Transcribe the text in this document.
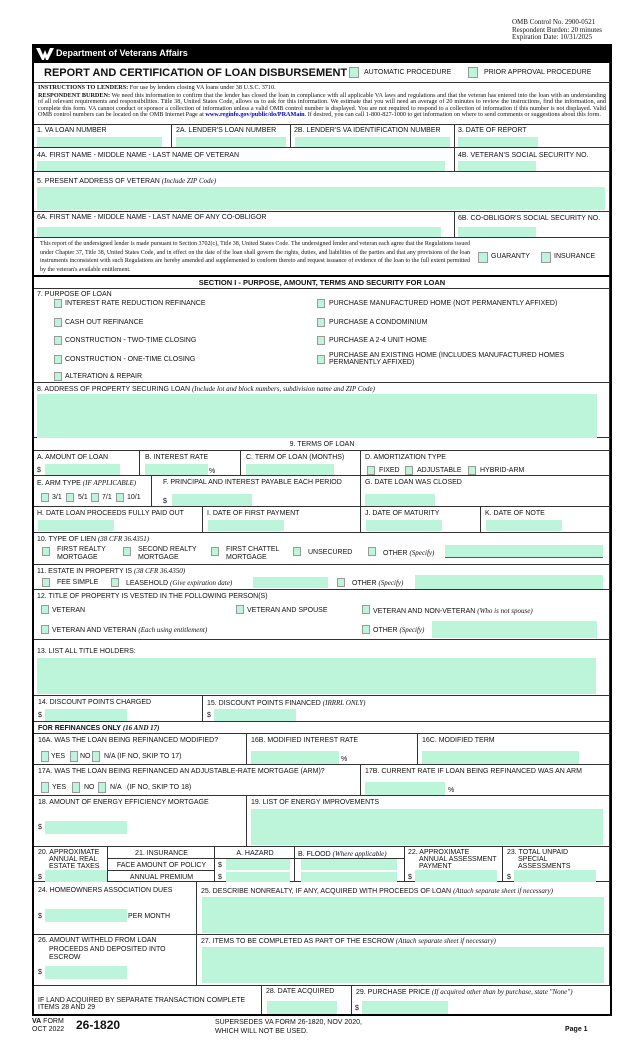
OMB Control No. 2900-0521
Respondent Burden: 20 minutes
Expiration Date: 10/31/2025
Department of Veterans Affairs
REPORT AND CERTIFICATION OF LOAN DISBURSEMENT AUTOMATIC PROCEDURE	PRIOR APPROVAL PROCEDURE
INSTRUCTIONS TO LENDERS: For use by lenders closing VA loans under 38 U.S.C. 3710.
RESPONDENT BURDEN: We need this information to confirm that the lender has closed the loan in compliance with all applicable VA laws and regulations and that the veteran has entered into the loan with an understanding of all relevant requirements and responsibilities. Title 38, United States Code, allows us to ask for this information. We estimate that you will need an average of 20 minutes to review the instructions, find the information, and complete this form. VA cannot conduct or sponsor a collection of information unless a valid OMB control number is displayed. You are not required to respond to a collection of information if this number is not displayed. Valid OMB control numbers can be located on the OMB Internet Page at www.reginfo.gov/public/do/PRAMain. If desired, you can call 1-800-827-1000 to get information on where to send comments or suggestions about this form.
1. VA LOAN NUMBER	2A. LENDER'S LOAN NUMBER	2B. LENDER'S VA IDENTIFICATION NUMBER 3. DATE OF REPORT
4A. FIRST NAME - MIDDLE NAME - LAST NAME OF VETERAN	4B. VETERAN'S SOCIAL SECURITY NO.
5. PRESENT ADDRESS OF VETERAN (Include ZIP Code)
6A. FIRST NAME - MIDDLE NAME - LAST NAME OF ANY CO-OBLIGOR	6B. CO-OBLIGOR'S SOCIAL SECURITY NO.
This report of the undersigned lender is made pursuant to Section 3702(c), Title 38, United States Code. The undersigned lender and veteran each agree that the Regulations issued under Chapter 37, Title 38, United States Code, and in effect on the date of the loan shall govern the rights, duties, and liabilities of the parties and that any provisions of the loan instruments inconsistent with such Regulations are hereby amended and supplemented to conform thereto and request issuance of evidence of the loan to the full extent permitted by the veteran's available entitlement.
GUARANTY	INSURANCE
SECTION I - PURPOSE, AMOUNT, TERMS AND SECURITY FOR LOAN
7. PURPOSE OF LOAN
INTEREST RATE REDUCTION REFINANCE
CASH OUT REFINANCE
CONSTRUCTION - TWO-TIME CLOSING
CONSTRUCTION - ONE-TIME CLOSING
ALTERATION & REPAIR
PURCHASE MANUFACTURED HOME (NOT PERMANENTLY AFFIXED)
PURCHASE A CONDOMINIUM
PURCHASE A 2-4 UNIT HOME
PURCHASE AN EXISTING HOME (INCLUDES MANUFACTURED HOMES
PERMANENTLY AFFIXED)
8. ADDRESS OF PROPERTY SECURING LOAN (Include lot and block numbers, subdivision name and ZIP Code)
9. TERMS OF LOAN
A. AMOUNT OF LOAN
$
B. INTEREST RATE
%
C. TERM OF LOAN (MONTHS)	D. AMORTIZATION TYPE
FIXED ADJUSTABLE	HYBRID-ARM
E. ARM TYPE (IF APPLICABLE)
3/1 5/1 7/1 10/1
F. PRINCIPAL AND INTEREST PAYABLE EACH PERIOD
$
G. DATE LOAN WAS CLOSED
H. DATE LOAN PROCEEDS FULLY PAID OUT	I. DATE OF FIRST PAYMENT	J. DATE OF MATURITY	K. DATE OF NOTE
10. TYPE OF LIEN (38 CFR 36.4351)
FIRST REALTY
MORTGAGE
SECOND REALTY
MORTGAGE
FIRST CHATTEL
MORTGAGE
UNSECURED	OTHER (Specify)
11. ESTATE IN PROPERTY IS (38 CFR 36.4350)
FEE SIMPLE	LEASEHOLD (Give expiration date)	OTHER (Specify)
12. TITLE OF PROPERTY IS VESTED IN THE FOLLOWING PERSON(S)
VETERAN	VETERAN AND SPOUSE	VETERAN AND NON-VETERAN (Who is not spouse)
VETERAN AND VETERAN (Each using entitlement)	OTHER (Specify)
13. LIST ALL TITLE HOLDERS:
14. DISCOUNT POINTS CHARGED
$
15. DISCOUNT POINTS FINANCED (IRRRL ONLY)
$
FOR REFINANCES ONLY (16 AND 17)
16A. WAS THE LOAN BEING REFINANCED MODIFIED?
YES NO N/A (IF NO, SKIP TO 17)
16B. MODIFIED INTEREST RATE
%
16C. MODIFIED TERM
17A. WAS THE LOAN BEING REFINANCED AN ADJUSTABLE-RATE MORTGAGE (ARM)?
YES	NO N/A (IF NO, SKIP TO 18)
17B. CURRENT RATE IF LOAN BEING REFINANCED WAS AN ARM
%
18. AMOUNT OF ENERGY EFFICIENCY MORTGAGE
$
19. LIST OF ENERGY IMPROVEMENTS
20. APPROXIMATE
ANNUAL REAL
ESTATE TAXES
$
21. INSURANCE
FACE AMOUNT OF POLICY
ANNUAL PREMIUM
A. HAZARD
$
$
B. FLOOD (Where applicable)	22. APPROXIMATE
ANNUAL ASSESSMENT
PAYMENT
$
23. TOTAL UNPAID
SPECIAL
ASSESSMENTS
$
24. HOMEOWNERS ASSOCIATION DUES
$	PER MONTH
25. DESCRIBE NONREALTY, IF ANY, ACQUIRED WITH PROCEEDS OF LOAN (Attach separate sheet if necessary)
26. AMOUNT WITHELD FROM LOAN
PROCEEDS AND DEPOSITED INTO
ESCROW
$
27. ITEMS TO BE COMPLETED AS PART OF THE ESCROW (Attach separate sheet if necessary)
IF LAND ACQUIRED BY SEPARATE TRANSACTION COMPLETE
ITEMS 28 AND 29
28. DATE ACQUIRED	29. PURCHASE PRICE (If acquired other than by purchase, state "None")
$
VA FORM
OCT 2022 26-1820	SUPERSEDES VA FORM 26-1820, NOV 2020,
WHICH WILL NOT BE USED.	Page 1
